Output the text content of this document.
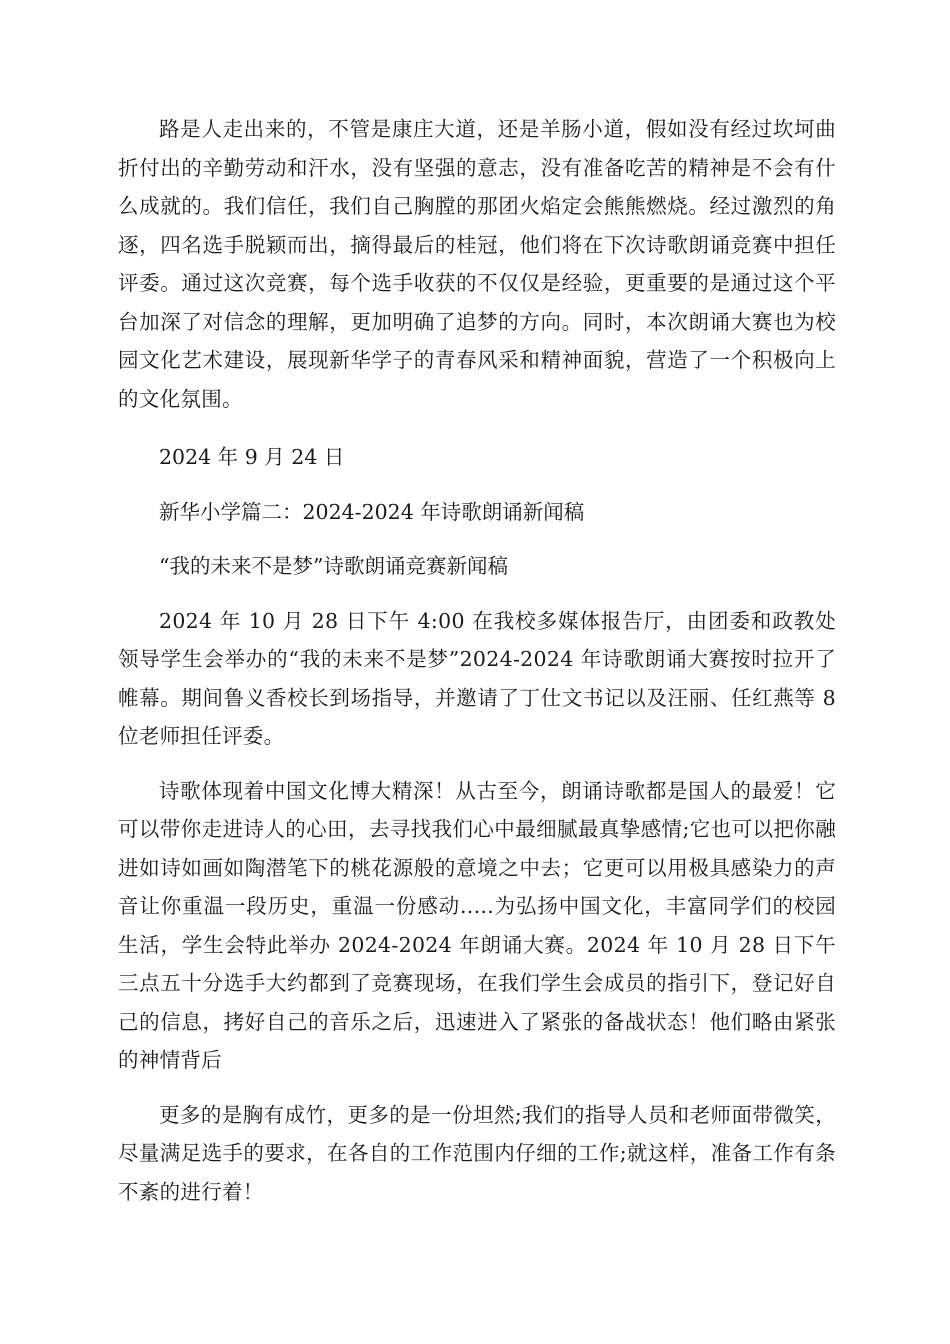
路是人走出来的，不管是康庄大道，还是羊肠小道，假如没有经过坎坷曲折付出的辛勤劳动和汗水，没有坚强的意志，没有准备吃苦的精神是不会有什么成就的。我们信任，我们自己胸膛的那团火焰定会熊熊燃烧。经过激烈的角逐，四名选手脱颖而出，摘得最后的桂冠，他们将在下次诗歌朗诵竞赛中担任评委。通过这次竞赛，每个选手收获的不仅仅是经验，更重要的是通过这个平台加深了对信念的理解，更加明确了追梦的方向。同时，本次朗诵大赛也为校园文化艺术建设，展现新华学子的青春风采和精神面貌，营造了一个积极向上的文化氛围。

2024 年 9 月 24 日

新华小学篇二：2024-2024 年诗歌朗诵新闻稿

“我的未来不是梦”诗歌朗诵竞赛新闻稿

2024 年 10 月 28 日下午 4:00 在我校多媒体报告厅，由团委和政教处领导学生会举办的“我的未来不是梦”2024-2024 年诗歌朗诵大赛按时拉开了帷幕。期间鲁义香校长到场指导，并邀请了丁仕文书记以及汪丽、任红燕等 8 位老师担任评委。

诗歌体现着中国文化博大精深！从古至今，朗诵诗歌都是国人的最爱！它可以带你走进诗人的心田，去寻找我们心中最细腻最真挚感情;它也可以把你融进如诗如画如陶潜笔下的桃花源般的意境之中去；它更可以用极具感染力的声音让你重温一段历史，重温一份感动.....为弘扬中国文化，丰富同学们的校园生活，学生会特此举办 2024-2024 年朗诵大赛。2024 年 10 月 28 日下午三点五十分选手大约都到了竞赛现场，在我们学生会成员的指引下，登记好自己的信息，拷好自己的音乐之后，迅速进入了紧张的备战状态！他们略由紧张的神情背后

更多的是胸有成竹，更多的是一份坦然;我们的指导人员和老师面带微笑，尽量满足选手的要求，在各自的工作范围内仔细的工作;就这样，准备工作有条不紊的进行着！
